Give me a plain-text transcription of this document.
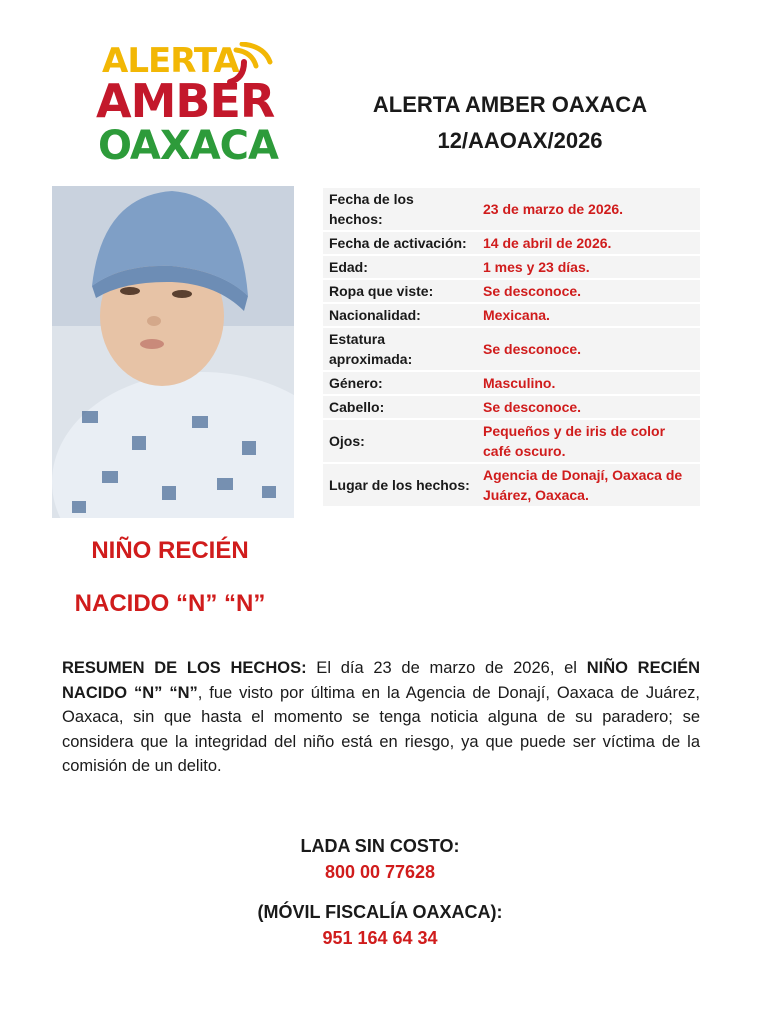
ALERTA
AMBER
OAXACA
ALERTA AMBER OAXACA
12/AAOAX/2026
Fecha de los hechos:	23 de marzo de 2026.
Fecha de activación:	14 de abril de 2026.
Edad:	1 mes y 23 días.
Ropa que viste:	Se desconoce.
Nacionalidad:	Mexicana.
Estatura aproximada:	Se desconoce.
Género:	Masculino.
Cabello:	Se desconoce.
Ojos:	Pequeños y de iris de color café oscuro.
Lugar de los hechos:	Agencia de Donají, Oaxaca de Juárez, Oaxaca.
NIÑO RECIÉN
NACIDO “N” “N”
RESUMEN DE LOS HECHOS: El día 23 de marzo de 2026, el NIÑO RECIÉN NACIDO “N” “N”, fue visto por última en la Agencia de Donají, Oaxaca de Juárez, Oaxaca, sin que hasta el momento se tenga noticia alguna de su paradero; se considera que la integridad del niño está en riesgo, ya que puede ser víctima de la comisión de un delito.
LADA SIN COSTO:
800 00 77628
(MÓVIL FISCALÍA OAXACA):
951 164 64 34
